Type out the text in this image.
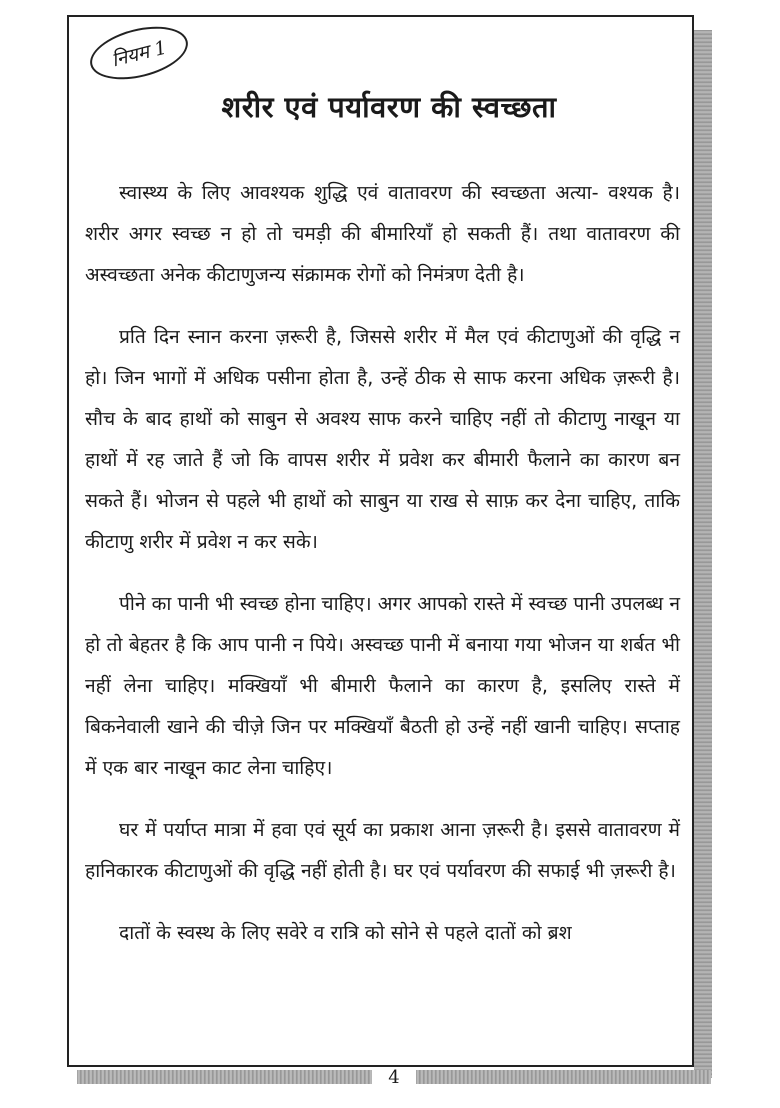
नियम 1
शरीर एवं पर्यावरण की स्वच्छता

स्वास्थ्य के लिए आवश्यक शुद्धि एवं वातावरण की स्वच्छता अत्या- वश्यक है। शरीर अगर स्वच्छ न हो तो चमड़ी की बीमारियाँ हो सकती हैं। तथा वातावरण की अस्वच्छता अनेक कीटाणुजन्य संक्रामक रोगों को निमंत्रण देती है।

प्रति दिन स्नान करना ज़रूरी है, जिससे शरीर में मैल एवं कीटाणुओं की वृद्धि न हो। जिन भागों में अधिक पसीना होता है, उन्हें ठीक से साफ करना अधिक ज़रूरी है। सौच के बाद हाथों को साबुन से अवश्य साफ करने चाहिए नहीं तो कीटाणु नाखून या हाथों में रह जाते हैं जो कि वापस शरीर में प्रवेश कर बीमारी फैलाने का कारण बन सकते हैं। भोजन से पहले भी हाथों को साबुन या राख से साफ़ कर देना चाहिए, ताकि कीटाणु शरीर में प्रवेश न कर सके।

पीने का पानी भी स्वच्छ होना चाहिए। अगर आपको रास्ते में स्वच्छ पानी उपलब्ध न हो तो बेहतर है कि आप पानी न पिये। अस्वच्छ पानी में बनाया गया भोजन या शर्बत भी नहीं लेना चाहिए। मक्खियाँ भी बीमारी फैलाने का कारण है, इसलिए रास्ते में बिकनेवाली खाने की चीज़े जिन पर मक्खियाँ बैठती हो उन्हें नहीं खानी चाहिए। सप्ताह में एक बार नाखून काट लेना चाहिए।

घर में पर्याप्त मात्रा में हवा एवं सूर्य का प्रकाश आना ज़रूरी है। इससे वातावरण में हानिकारक कीटाणुओं की वृद्धि नहीं होती है। घर एवं पर्यावरण की सफाई भी ज़रूरी है।

दातों के स्वस्थ के लिए सवेरे व रात्रि को सोने से पहले दातों को ब्रश

4
